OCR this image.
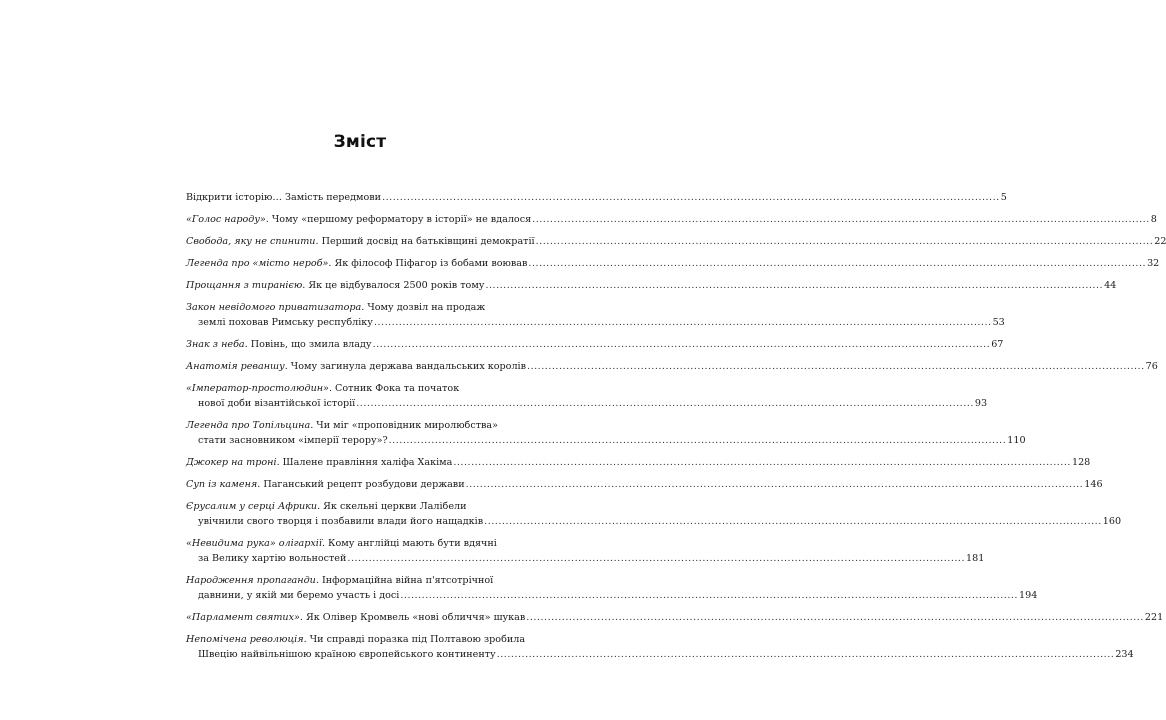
Зміст
Відкрити історію… Замість передмови .....	5
«Голос народу». Чому «першому реформатору в історії» не вдалося .....	8
Свобода, яку не спинити. Перший досвід на батьківщині демократії .....	22
Легенда про «місто нероб». Як філософ Піфагор із бобами воював .....	32
Прощання з тиранією. Як це відбувалося 2500 років тому .....	44
Закон невідомого приватизатора. Чому дозвіл на продаж
землі поховав Римську республіку .....	53
Знак з неба. Повінь, що змила владу .....	67
Анатомія реваншу. Чому загинула держава вандальських королів .....	76
«Імператор-простолюдин». Сотник Фока та початок
нової доби візантійської історії .....	93
Легенда про Топільцина. Чи міг «проповідник миролюбства»
стати засновником «імперії терору»? .....	110
Джокер на троні. Шалене правління халіфа Хакіма .....	128
Суп із каменя. Паганський рецепт розбудови держави .....	146
Єрусалим у серці Африки. Як скельні церкви Лалібели
увічнили свого творця і позбавили влади його нащадків .....	160
«Невидима рука» олігархії. Кому англійці мають бути вдячні
за Велику хартію вольностей .....	181
Народження пропаганди. Інформаційна війна п'ятсотрічної
давнини, у якій ми беремо участь і досі .....	194
«Парламент святих». Як Олівер Кромвель «нові обличчя» шукав .....	221
Непомічена революція. Чи справді поразка під Полтавою зробила
Швецію найвільнішою країною європейського континенту .....	234
